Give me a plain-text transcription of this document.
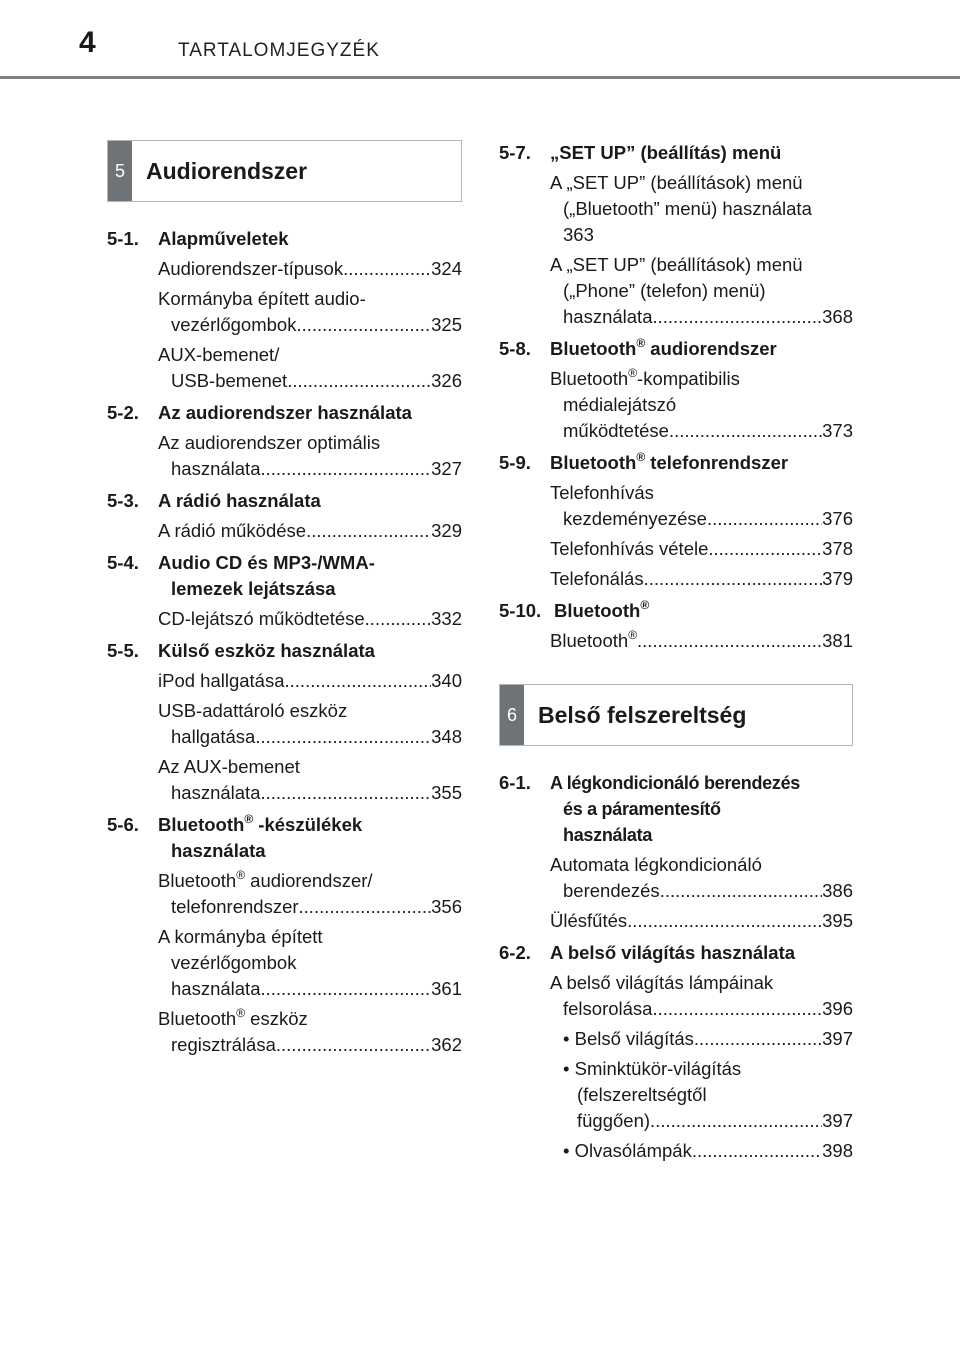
4	TARTALOMJEGYZÉK
5 Audiorendszer
5-1.	Alapműveletek
Audiorendszer-típusok .....	324
Kormányba épített audio-
vezérlőgombok .....	325
AUX-bemenet/
USB-bemenet .....	326
5-2.	Az audiorendszer használata
Az audiorendszer optimális
használata .....	327
5-3.	A rádió használata
A rádió működése .....	329
5-4.	Audio CD és MP3-/WMA-
lemezek lejátszása
CD-lejátszó működtetése .....	332
5-5.	Külső eszköz használata
iPod hallgatása .....	340
USB-adattároló eszköz
hallgatása .....	348
Az AUX-bemenet
használata .....	355
5-6.	Bluetooth® -készülékek
használata
Bluetooth® audiorendszer/
telefonrendszer .....	356
A kormányba épített
vezérlőgombok
használata .....	361
Bluetooth® eszköz
regisztrálása .....	362
5-7.	„SET UP” (beállítás) menü
A „SET UP” (beállítások) menü
(„Bluetooth” menü) használata
363
A „SET UP” (beállítások) menü
(„Phone” (telefon) menü)
használata .....	368
5-8.	Bluetooth® audiorendszer
Bluetooth®-kompatibilis
médialejátszó
működtetése .....	373
5-9.	Bluetooth® telefonrendszer
Telefonhívás
kezdeményezése .....	376
Telefonhívás vétele .....	378
Telefonálás .....	379
5-10. Bluetooth®
Bluetooth® .....	381
6 Belső felszereltség
6-1.	A légkondicionáló berendezés
és a páramentesítő
használata
Automata légkondicionáló
berendezés .....	386
Ülésfűtés .....	395
6-2.	A belső világítás használata
A belső világítás lámpáinak
felsorolása .....	396
• Belső világítás .....	397
• Sminktükör-világítás
(felszereltségtől
függően) .....	397
• Olvasólámpák .....	398
